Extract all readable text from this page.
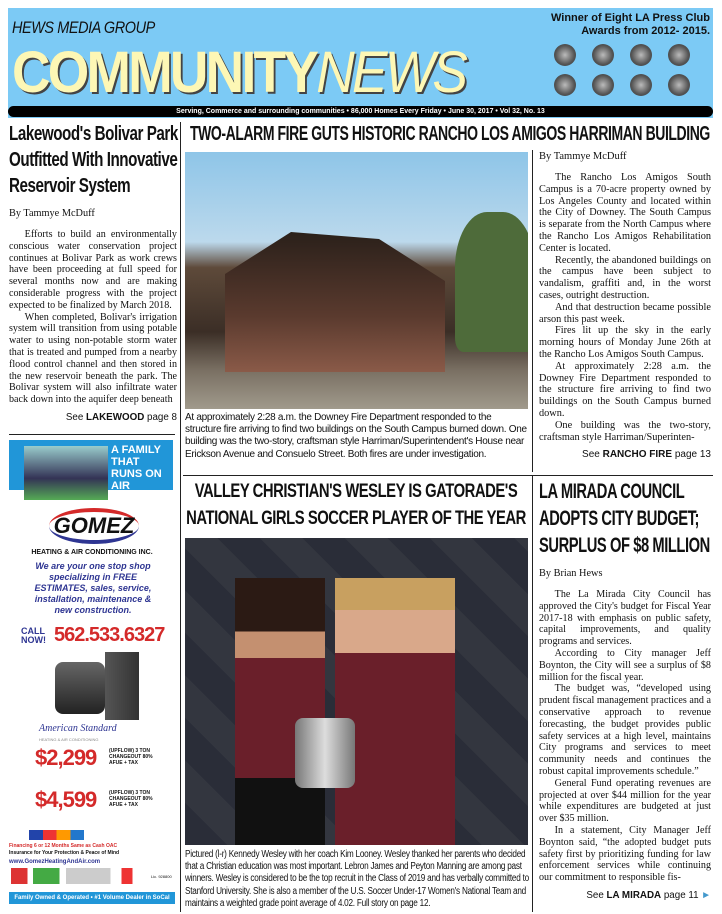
HEWS MEDIA GROUP
COMMUNITYNEWS
Winner of Eight LA Press Club Awards from 2012- 2015.
Serving, Commerce and surrounding communities • 86,000 Homes Every Friday • June 30, 2017 • Vol 32, No. 13
Lakewood's Bolivar Park Outfitted With Innovative Reservoir System
By Tammye McDuff

Efforts to build an environmentally conscious water conservation project continues at Bolivar Park as work crews have been proceeding at full speed for several months now and are making considerable progress with the project expected to be finalized by March 2018.

When completed, Bolivar's irrigation system will transition from using potable water to using non-potable storm water that is treated and pumped from a nearby flood control channel and then stored in the new reservoir beneath the park. The Bolivar system will also infiltrate water back down into the aquifer deep beneath

See LAKEWOOD page 8
A FAMILY THAT RUNS ON AIR
GOMEZ
HEATING & AIR CONDITIONING INC.
We are your one stop shop specializing in FREE ESTIMATES, sales, service, installation, maintenance & new construction.
CALL NOW! 562.533.6327
American Standard
HEATING & AIR CONDITIONING
$2,299	(UPFLOW) 3 TON CHANGEOUT 80% AFUE + TAX
$4,599	(UPFLOW) 3 TON CHANGEOUT 80% AFUE + TAX
Financing 6 or 12 Months Same as Cash OAC
Insurance for Your Protection & Peace of Mind
www.GomezHeatingAndAir.com
Lic. 928800
Family Owned & Operated • #1 Volume Dealer in SoCal
TWO-ALARM FIRE GUTS HISTORIC RANCHO LOS AMIGOS HARRIMAN BUILDING
At approximately 2:28 a.m. the Downey Fire Department responded to the structure fire arriving to find two buildings on the South Campus burned down. One building was the two-story, craftsman style Harriman/Superintendent's House near Erickson Avenue and Consuelo Street. Both fires are under investigation.
By Tammye McDuff

The Rancho Los Amigos South Campus is a 70-acre property owned by Los Angeles County and located within the City of Downey. The South Campus is separate from the North Campus where the Rancho Los Amigos Rehabilitation Center is located.

Recently, the abandoned buildings on the campus have been subject to vandalism, graffiti and, in the worst cases, outright destruction.

And that destruction became possible arson this past week.

Fires lit up the sky in the early morning hours of Monday June 26th at the Rancho Los Amigos South Campus.

At approximately 2:28 a.m. the Downey Fire Department responded to the structure fire arriving to find two buildings on the South Campus burned down.

One building was the two-story, craftsman style Harriman/Superinten-

See RANCHO FIRE page 13
VALLEY CHRISTIAN'S WESLEY IS GATORADE'S NATIONAL GIRLS SOCCER PLAYER OF THE YEAR
Pictured (l-r) Kennedy Wesley with her coach Kim Looney. Wesley thanked her parents who decided that a Christian education was most important. Lebron James and Peyton Manning are among past winners. Wesley is considered to be the top recruit in the Class of 2019 and has verbally committed to Stanford University. She is also a member of the U.S. Soccer Under-17 Women's National Team and maintains a weighted grade point average of 4.02. Full story on page 12.
LA MIRADA COUNCIL ADOPTS CITY BUDGET; SURPLUS OF $8 MILLION
By Brian Hews

The La Mirada City Council has approved the City's budget for Fiscal Year 2017-18 with emphasis on public safety, capital improvements, and quality programs and services.

According to City manager Jeff Boynton, the City will see a surplus of $8 million for the fiscal year.

The budget was, “developed using prudent fiscal management practices and a conservative approach to revenue forecasting, the budget provides public safety services at a high level, maintains City programs and services to meet community needs and continues the robust capital improvements schedule.”

General Fund operating revenues are projected at over $44 million for the year while expenditures are budgeted at just over $35 million.

In a statement, City Manager Jeff Boynton said, “the adopted budget puts safety first by prioritizing funding for law enforcement services while continuing our commitment to responsible fis-

See LA MIRADA page 11 ►
